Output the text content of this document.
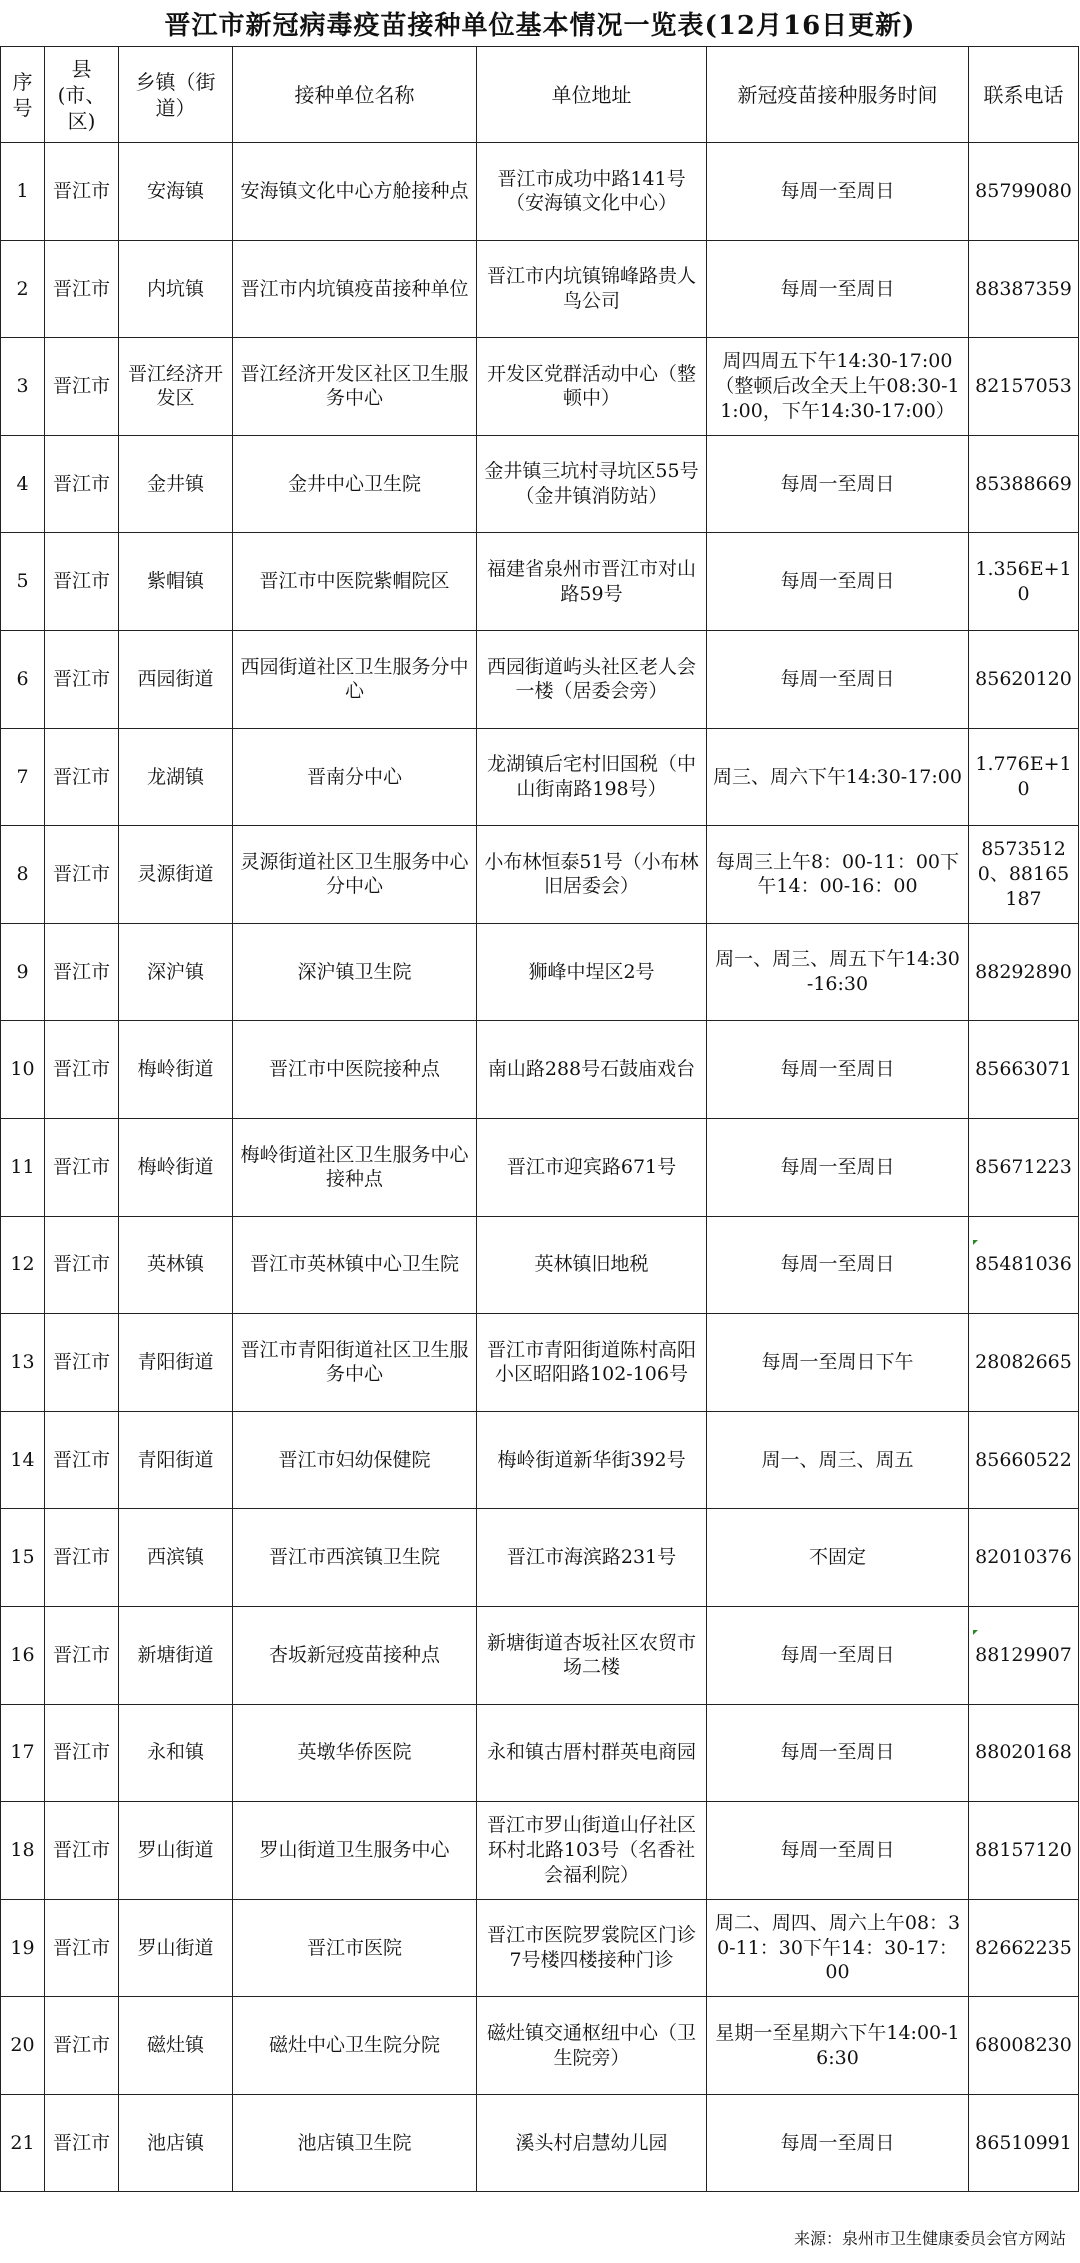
晋江市新冠病毒疫苗接种单位基本情况一览表(12月16日更新)
序号	县(市、区)	乡镇（街道）	接种单位名称	单位地址	新冠疫苗接种服务时间	联系电话
1	晋江市	安海镇	安海镇文化中心方舱接种点	晋江市成功中路141号（安海镇文化中心）	每周一至周日	85799080
2	晋江市	内坑镇	晋江市内坑镇疫苗接种单位	晋江市内坑镇锦峰路贵人鸟公司	每周一至周日	88387359
3	晋江市	晋江经济开发区	晋江经济开发区社区卫生服务中心	开发区党群活动中心（整顿中）	周四周五下午14:30-17:00（整顿后改全天上午08:30-11:00，下午14:30-17:00）	82157053
4	晋江市	金井镇	金井中心卫生院	金井镇三坑村寻坑区55号（金井镇消防站）	每周一至周日	85388669
5	晋江市	紫帽镇	晋江市中医院紫帽院区	福建省泉州市晋江市对山路59号	每周一至周日	1.356E+10
6	晋江市	西园街道	西园街道社区卫生服务分中心	西园街道屿头社区老人会一楼（居委会旁）	每周一至周日	85620120
7	晋江市	龙湖镇	晋南分中心	龙湖镇后宅村旧国税（中山街南路198号）	周三、周六下午14:30-17:00	1.776E+10
8	晋江市	灵源街道	灵源街道社区卫生服务中心分中心	小布林恒泰51号（小布林旧居委会）	每周三上午8：00-11：00下午14：00-16：00	85735120、88165187
9	晋江市	深沪镇	深沪镇卫生院	狮峰中埕区2号	周一、周三、周五下午14:30-16:30	88292890
10	晋江市	梅岭街道	晋江市中医院接种点	南山路288号石鼓庙戏台	每周一至周日	85663071
11	晋江市	梅岭街道	梅岭街道社区卫生服务中心接种点	晋江市迎宾路671号	每周一至周日	85671223
12	晋江市	英林镇	晋江市英林镇中心卫生院	英林镇旧地税	每周一至周日	85481036
13	晋江市	青阳街道	晋江市青阳街道社区卫生服务中心	晋江市青阳街道陈村高阳小区昭阳路102-106号	每周一至周日下午	28082665
14	晋江市	青阳街道	晋江市妇幼保健院	梅岭街道新华街392号	周一、周三、周五	85660522
15	晋江市	西滨镇	晋江市西滨镇卫生院	晋江市海滨路231号	不固定	82010376
16	晋江市	新塘街道	杏坂新冠疫苗接种点	新塘街道杏坂社区农贸市场二楼	每周一至周日	88129907
17	晋江市	永和镇	英墩华侨医院	永和镇古厝村群英电商园	每周一至周日	88020168
18	晋江市	罗山街道	罗山街道卫生服务中心	晋江市罗山街道山仔社区环村北路103号（名香社会福利院）	每周一至周日	88157120
19	晋江市	罗山街道	晋江市医院	晋江市医院罗裳院区门诊7号楼四楼接种门诊	周二、周四、周六上午08：30-11：30下午14：30-17：00	82662235
20	晋江市	磁灶镇	磁灶中心卫生院分院	磁灶镇交通枢纽中心（卫生院旁）	星期一至星期六下午14:00-16:30	68008230
21	晋江市	池店镇	池店镇卫生院	溪头村启慧幼儿园	每周一至周日	86510991
来源：泉州市卫生健康委员会官方网站
